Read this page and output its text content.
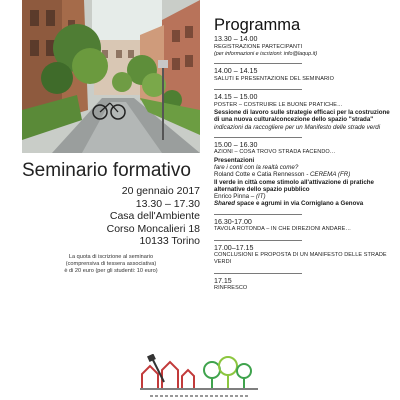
Seminario formativo
20 gennaio 2017
13.30 – 17.30
Casa dell'Ambiente
Corso Moncalieri 18
10133 Torino
La quota di iscrizione al seminario
(comprensiva di tessera associativa)
è di 20 euro (per gli studenti: 10 euro)
Programma
13.30 – 14.00
REGISTRAZIONE PARTECIPANTI
(per informazioni e iscrizioni: info@laqup.it)
14.00 – 14.15
SALUTI E PRESENTAZIONE DEL SEMINARIO
14.15 – 15.00
POSTER – COSTRUIRE LE BUONE PRATICHE…
Sessione di lavoro sulle strategie efficaci per la costruzione di una nuova cultura/concezione dello spazio "strada"
indicazioni da raccogliere per un Manifesto delle strade verdi
15.00 – 16.30
AZIONI – COSA TROVO STRADA FACENDO…
Presentazioni
fare i conti con la realtà come?
Roland Cotte e Catia Rennesson - CEREMA (FR)
Il verde in città come stimolo all'attivazione di pratiche alternative dello spazio pubblico
Enrico Pinna – (IT)
Shared space e agrumi in via Corniglano a Genova
16.30-17.00
TAVOLA ROTONDA – IN CHE DIREZIONI ANDARE…
17.00–17.15
CONCLUSIONI E PROPOSTA DI UN MANIFESTO DELLE STRADE VERDI
17.15
RINFRESCO
